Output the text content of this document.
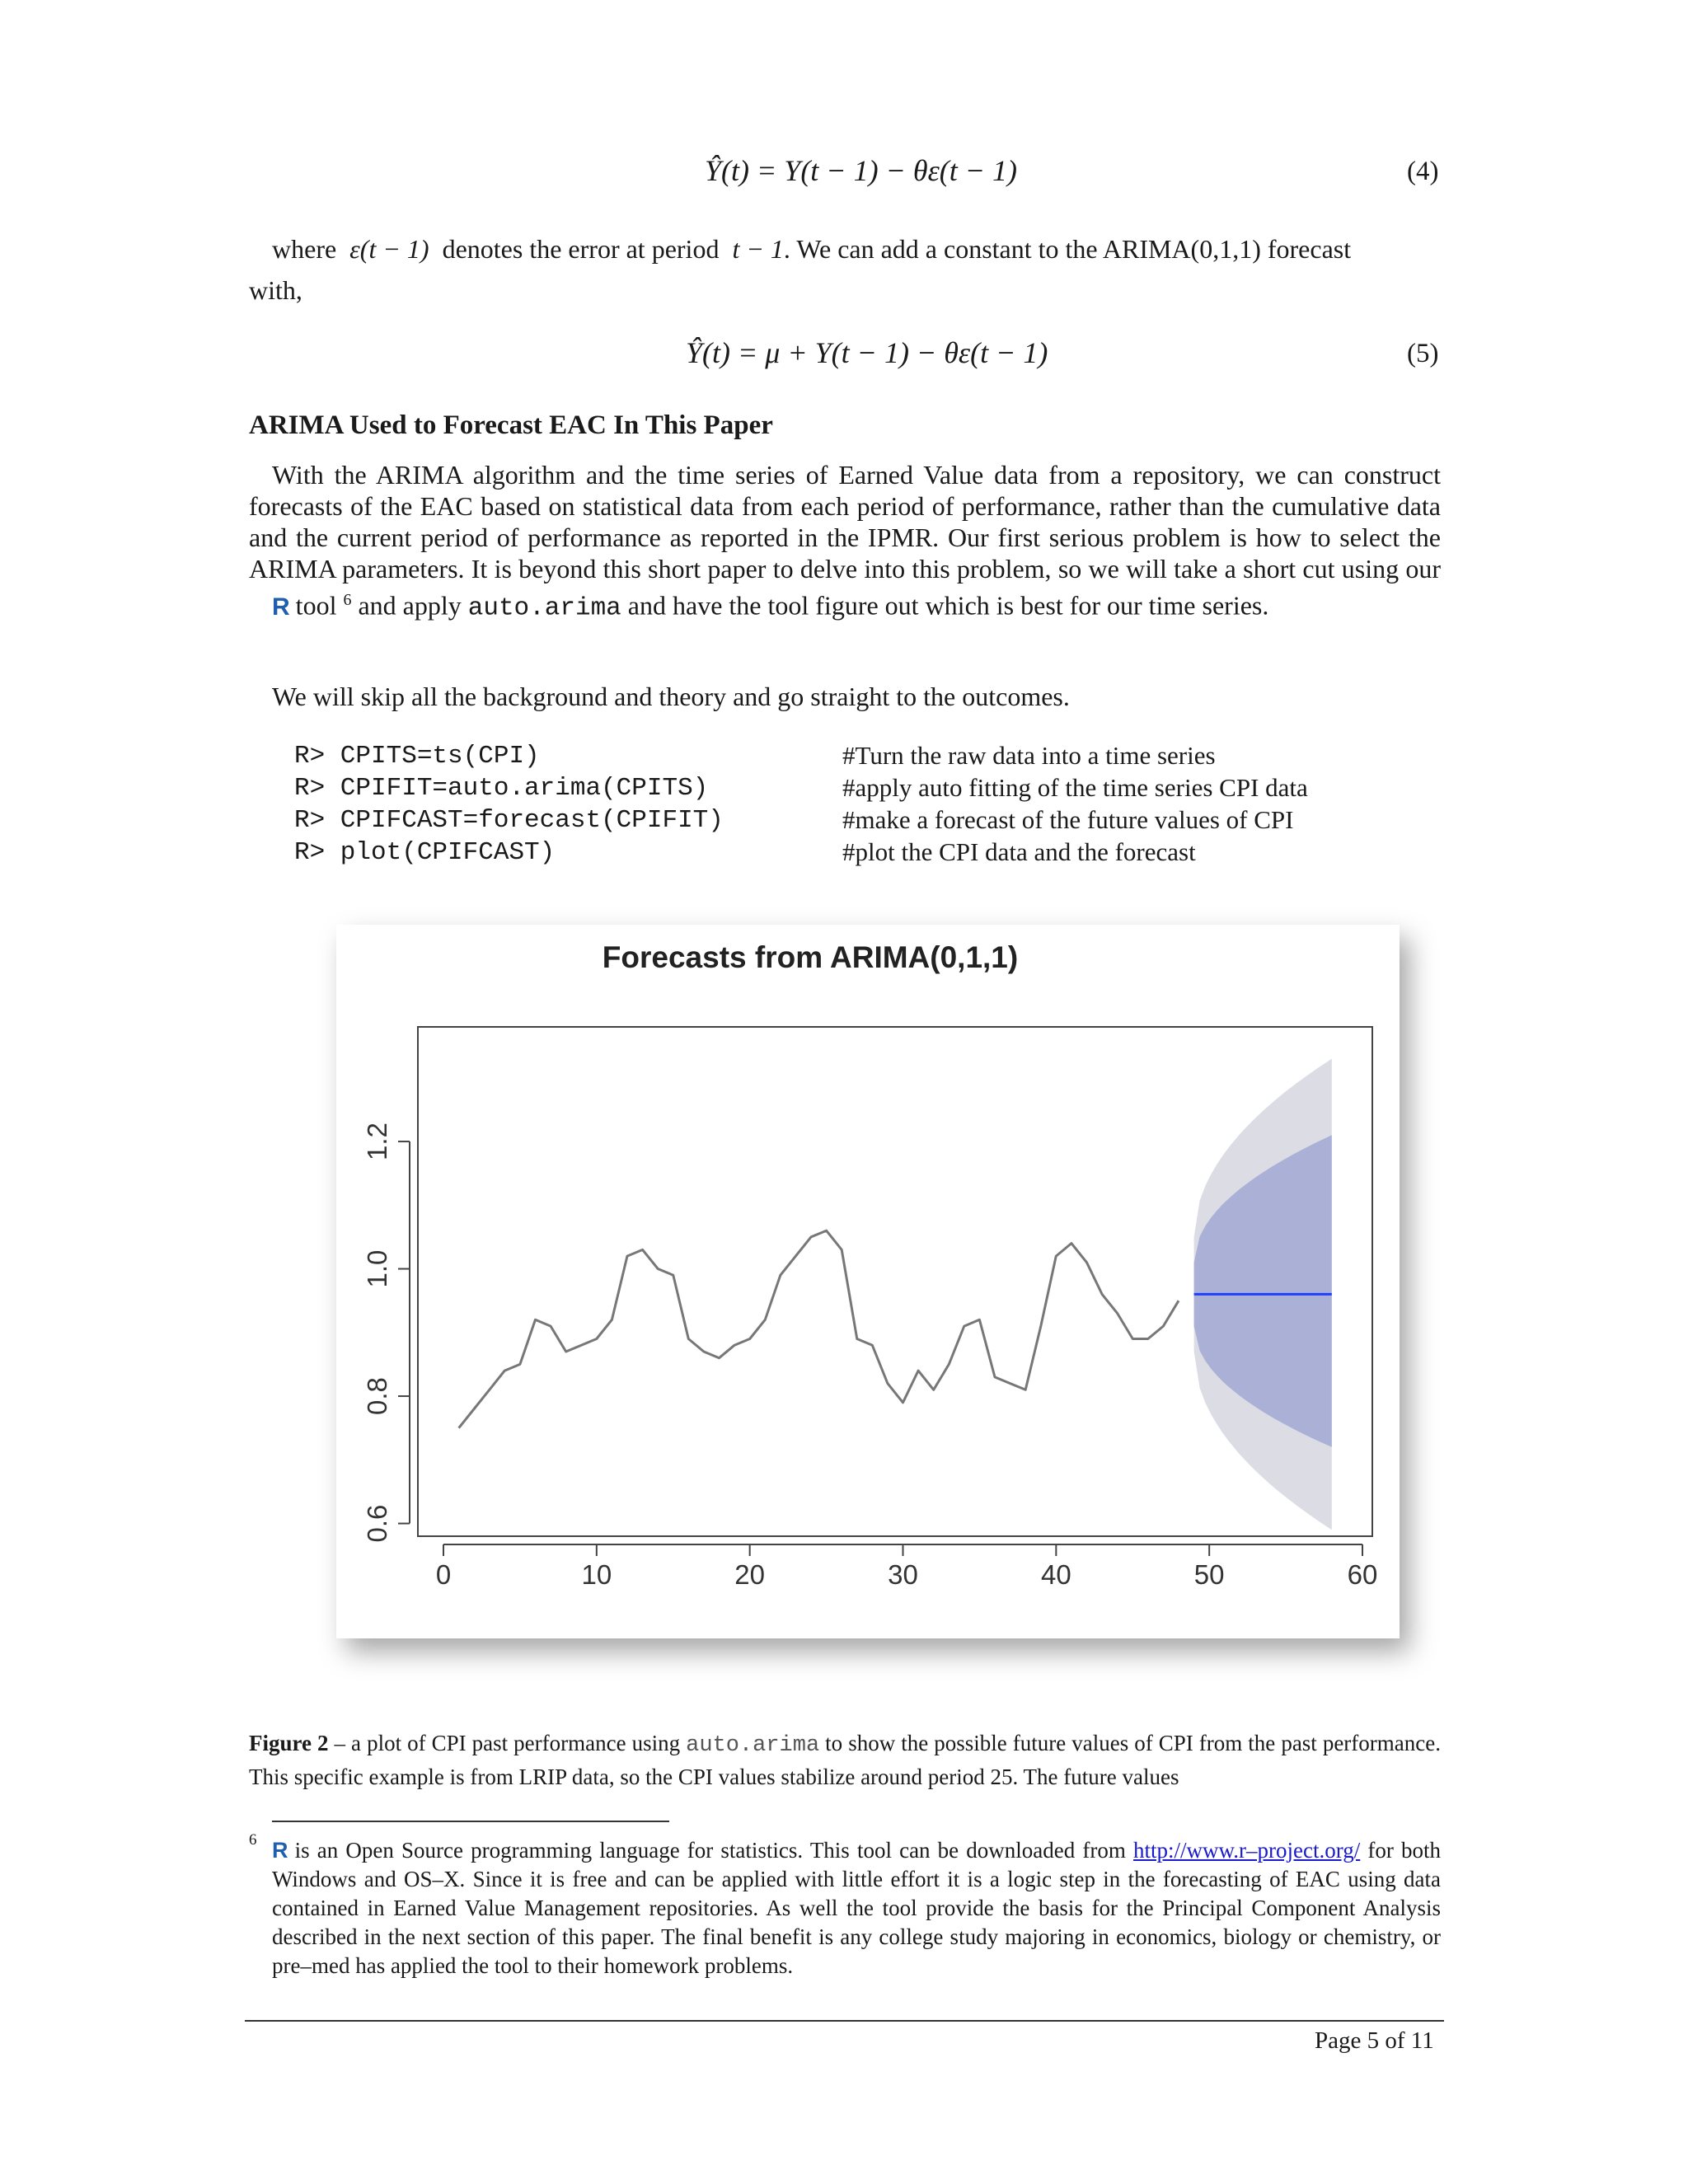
Ŷ(t) = Y(t − 1) − θε(t − 1)	(4)
where ε(t − 1) denotes the error at period t − 1. We can add a constant to the ARIMA(0,1,1) forecast
with,
Ŷ(t) = μ + Y(t − 1) − θε(t − 1)	(5)
ARIMA Used to Forecast EAC In This Paper
With the ARIMA algorithm and the time series of Earned Value data from a repository, we can construct forecasts of the EAC based on statistical data from each period of performance, rather than the cumulative data and the current period of performance as reported in the IPMR. Our first serious problem is how to select the ARIMA parameters. It is beyond this short paper to delve into this problem, so we will take a short cut using our R tool $^6$ and apply auto.arima and have the tool figure out which is best for our time series.
We will skip all the background and theory and go straight to the outcomes.
R> CPITS=ts(CPI)	#Turn the raw data into a time series
R> CPIFIT=auto.arima(CPITS)	#apply auto fitting of the time series CPI data
R> CPIFCAST=forecast(CPIFIT)	#make a forecast of the future values of CPI
R> plot(CPIFCAST)	#plot the CPI data and the forecast
Forecasts from ARIMA(0,1,1)
0	10	20	30	40	50	60
0.6
0.8
1.0
1.2
Figure 2 – a plot of CPI past performance using auto.arima to show the possible future values of CPI from the past performance. This specific example is from LRIP data, so the CPI values stabilize around period 25. The future values
6 R is an Open Source programming language for statistics. This tool can be downloaded from http://www.r–project.org/ for both Windows and OS–X. Since it is free and can be applied with little effort it is a logic step in the forecasting of EAC using data contained in Earned Value Management repositories. As well the tool provide the basis for the Principal Component Analysis described in the next section of this paper. The final benefit is any college study majoring in economics, biology or chemistry, or pre–med has applied the tool to their homework problems.
Page 5 of 11
